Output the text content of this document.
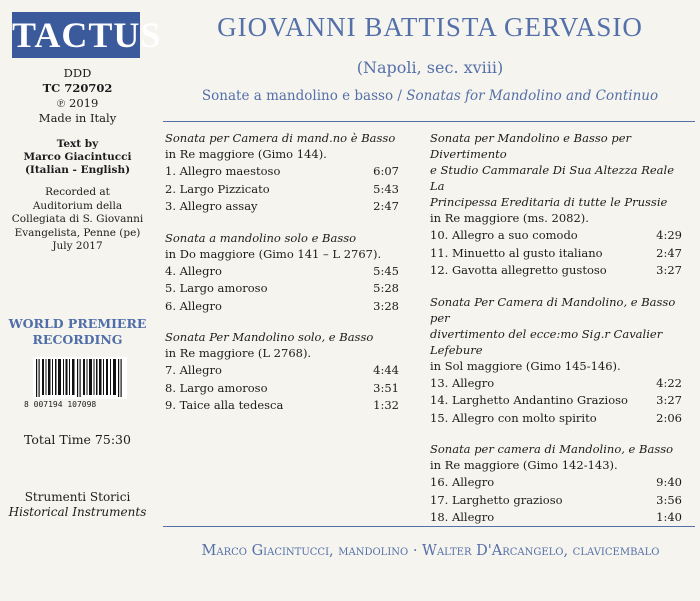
TACTUS
DDD
TC 720702
℗ 2019
Made in Italy
Text by
Marco Giacintucci
(Italian - English)
Recorded at
Auditorium della
Collegiata di S. Giovanni
Evangelista, Penne (pe)
July 2017
WORLD PREMIERE
RECORDING
8 007194 107098
Total Time 75:30
Strumenti Storici
Historical Instruments
GIOVANNI BATTISTA GERVASIO
(Napoli, sec. xviii)
Sonate a mandolino e basso / Sonatas for Mandolino and Continuo
Sonata per Camera di mand.no è Basso
in Re maggiore (Gimo 144).
1. Allegro maestoso	6:07
2. Largo Pizzicato	5:43
3. Allegro assay	2:47
Sonata a mandolino solo e Basso
in Do maggiore (Gimo 141 – L 2767).
4. Allegro	5:45
5. Largo amoroso	5:28
6. Allegro	3:28
Sonata Per Mandolino solo, e Basso
in Re maggiore (L 2768).
7. Allegro	4:44
8. Largo amoroso	3:51
9. Taice alla tedesca	1:32
Sonata per Mandolino e Basso per Divertimento
e Studio Cammarale Di Sua Altezza Reale La
Principessa Ereditaria di tutte le Prussie
in Re maggiore (ms. 2082).
10. Allegro a suo comodo	4:29
11. Minuetto al gusto italiano	2:47
12. Gavotta allegretto gustoso	3:27
Sonata Per Camera di Mandolino, e Basso per
divertimento del ecce:mo Sig.r Cavalier Lefebure
in Sol maggiore (Gimo 145-146).
13. Allegro	4:22
14. Larghetto Andantino Grazioso 3:27
15. Allegro con molto spirito	2:06
Sonata per camera di Mandolino, e Basso
in Re maggiore (Gimo 142-143).
16. Allegro	9:40
17. Larghetto grazioso	3:56
18. Allegro	1:40
Marco Giacintucci, mandolino · Walter D'Arcangelo, clavicembalo
